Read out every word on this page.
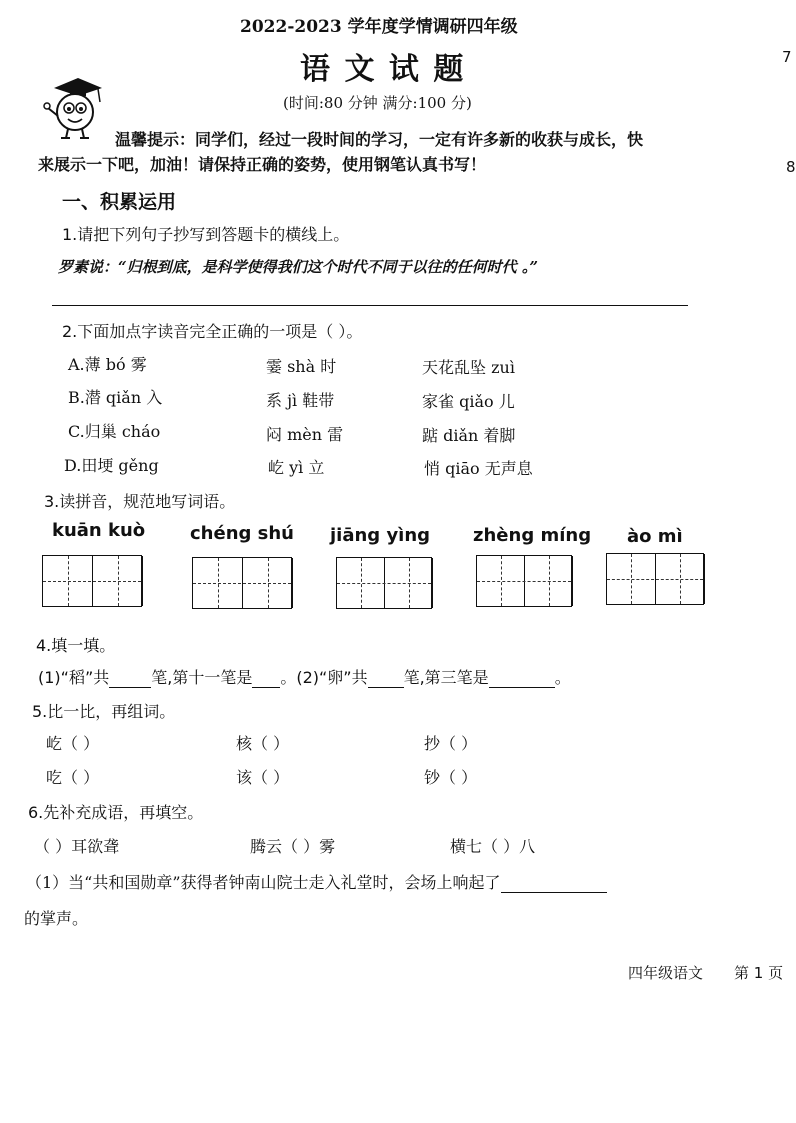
2022-2023 学年度学情调研四年级
语 文 试 题
(时间:80 分钟 满分:100 分)
温馨提示：同学们，经过一段时间的学习，一定有许多新的收获与成长，快
来展示一下吧，加油！请保持正确的姿势，使用钢笔认真书写！
7
8
一、积累运用
1.请把下列句子抄写到答题卡的横线上。
罗素说：“归根到底，是科学使得我们这个时代不同于以往的任何时代 。”
2.下面加点字读音完全正确的一项是（ ）。
A.薄 bó 雾	霎 shà 时	天花乱坠 zuì
B.潜 qiǎn 入	系 jì 鞋带	家雀 qiǎo 儿
C.归巢 cháo	闷 mèn 雷	踮 diǎn 着脚
D.田埂 gěng	屹 yì 立	悄 qiāo 无声息
3.读拼音，规范地写词语。
kuān kuò chéng shú jiāng yìng zhèng míng ào mì
4.填一填。
(1)“稻”共	笔,第十一笔是 。(2)“卵”共 笔,第三笔是	。
5.比一比，再组词。
屹（ ）	核（ ）	抄（ ）
吃（ ）	该（ ）	钞（ ）
6.先补充成语，再填空。
（ ）耳欲聋	腾云（ ）雾	横七（ ）八
（1）当“共和国勋章”获得者钟南山院士走入礼堂时，会场上响起了
的掌声。
四年级语文 第 1 页
